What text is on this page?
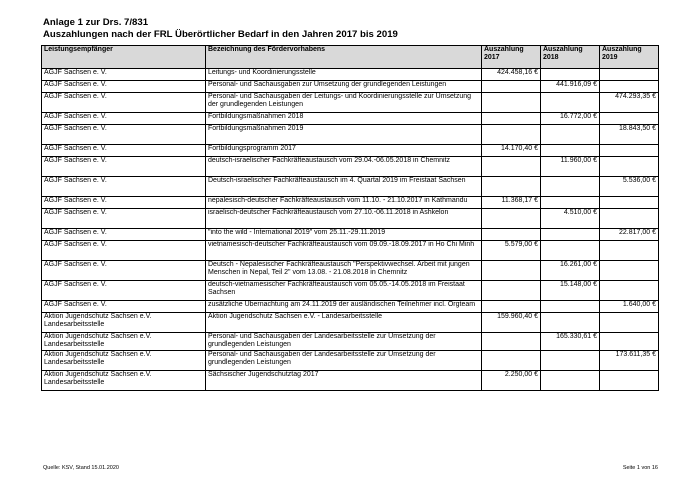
Anlage 1 zur Drs. 7/831
Auszahlungen nach der FRL Überörtlicher Bedarf in den Jahren 2017 bis 2019
Leistungsempfänger	Bezeichnung des Fördervorhabens	Auszahlung 2017	Auszahlung 2018	Auszahlung 2019
AGJF Sachsen e. V.	Leitungs- und Koordinierungsstelle	424.458,16 €		
AGJF Sachsen e. V.	Personal- und Sachausgaben zur Umsetzung der grundlegenden Leistungen		441.916,09 €	
AGJF Sachsen e. V.	Personal- und Sachausgaben der Leitungs- und Koordinierungsstelle zur Umsetzung der grundlegenden Leistungen			474.293,35 €
AGJF Sachsen e. V.	Fortbildungsmaßnahmen 2018		16.772,00 €	
AGJF Sachsen e. V.	Fortbildungsmaßnahmen 2019			18.843,50 €
AGJF Sachsen e. V.	Fortbildungsprogramm 2017	14.170,40 €		
AGJF Sachsen e. V.	deutsch-israelischer Fachkräfteaustausch vom 29.04.-06.05.2018 in Chemnitz		11.960,00 €	
AGJF Sachsen e. V.	Deutsch-israelischer Fachkräfteaustausch im 4. Quartal 2019 im Freistaat Sachsen			5.536,00 €
AGJF Sachsen e. V.	nepalesisch-deutscher Fachkräfteaustausch vom 11.10. - 21.10.2017 in Kathmandu	11.368,17 €		
AGJF Sachsen e. V.	israelisch-deutscher Fachkräfteaustausch vom 27.10.-06.11.2018 in Ashkelon		4.510,00 €	
AGJF Sachsen e. V.	"into the wild - International 2019" vom 25.11.-29.11.2019			22.817,00 €
AGJF Sachsen e. V.	vietnamesisch-deutscher Fachkräfteaustausch vom 09.09.-18.09.2017 in Ho Chi Minh	5.579,00 €		
AGJF Sachsen e. V.	Deutsch - Nepalesischer Fachkräfteaustausch "Perspektivwechsel. Arbeit mit jungen Menschen in Nepal, Teil 2" vom 13.08. - 21.08.2018 in Chemnitz		16.261,00 €	
AGJF Sachsen e. V.	deutsch-vietnamesischer Fachkräfteaustausch vom 05.05.-14.05.2018 im Freistaat Sachsen		15.148,00 €	
AGJF Sachsen e. V.	zusätzliche Übernachtung am 24.11.2019 der ausländischen Teilnehmer incl. Orgteam			1.640,00 €
Aktion Jugendschutz Sachsen e.V. Landesarbeitsstelle	Aktion Jugendschutz Sachsen e.V. - Landesarbeitsstelle	159.960,40 €		
Aktion Jugendschutz Sachsen e.V. Landesarbeitsstelle	Personal- und Sachausgaben der Landesarbeitsstelle zur Umsetzung der grundlegenden Leistungen		165.330,61 €	
Aktion Jugendschutz Sachsen e.V. Landesarbeitsstelle	Personal- und Sachausgaben der Landesarbeitsstelle zur Umsetzung der grundlegenden Leistungen			173.611,35 €
Aktion Jugendschutz Sachsen e.V. Landesarbeitsstelle	Sächsischer Jugendschutztag 2017	2.250,00 €		
Quelle: KSV, Stand 15.01.2020	Seite 1 von 16
